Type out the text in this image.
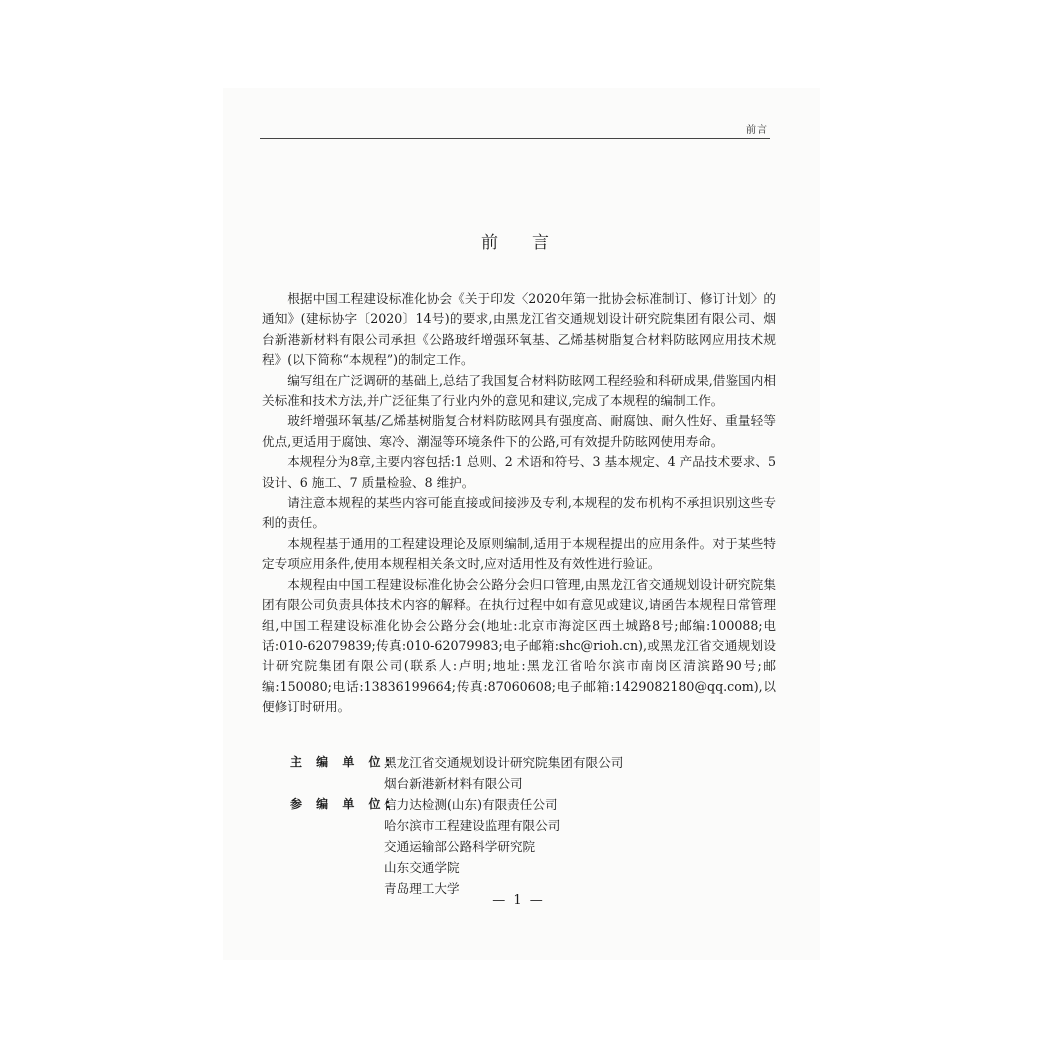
前言
前言

根据中国工程建设标准化协会《关于印发〈2020年第一批协会标准制订、修订计划〉的通知》(建标协字〔2020〕14号)的要求,由黑龙江省交通规划设计研究院集团有限公司、烟台新港新材料有限公司承担《公路玻纤增强环氧基、乙烯基树脂复合材料防眩网应用技术规程》(以下简称“本规程”)的制定工作。

编写组在广泛调研的基础上,总结了我国复合材料防眩网工程经验和科研成果,借鉴国内相关标准和技术方法,并广泛征集了行业内外的意见和建议,完成了本规程的编制工作。

玻纤增强环氧基/乙烯基树脂复合材料防眩网具有强度高、耐腐蚀、耐久性好、重量轻等优点,更适用于腐蚀、寒冷、潮湿等环境条件下的公路,可有效提升防眩网使用寿命。

本规程分为8章,主要内容包括:1 总则、2 术语和符号、3 基本规定、4 产品技术要求、5 设计、6 施工、7 质量检验、8 维护。

请注意本规程的某些内容可能直接或间接涉及专利,本规程的发布机构不承担识别这些专利的责任。

本规程基于通用的工程建设理论及原则编制,适用于本规程提出的应用条件。对于某些特定专项应用条件,使用本规程相关条文时,应对适用性及有效性进行验证。

本规程由中国工程建设标准化协会公路分会归口管理,由黑龙江省交通规划设计研究院集团有限公司负责具体技术内容的解释。在执行过程中如有意见或建议,请函告本规程日常管理组,中国工程建设标准化协会公路分会(地址:北京市海淀区西土城路8号;邮编:100088;电话:010-62079839;传真:010-62079983;电子邮箱:shc@rioh.cn),或黑龙江省交通规划设计研究院集团有限公司(联系人:卢明;地址:黑龙江省哈尔滨市南岗区清滨路90号;邮编:150080;电话:13836199664;传真:87060608;电子邮箱:1429082180@qq.com),以便修订时研用。

主 编 单 位:
黑龙江省交通规划设计研究院集团有限公司
烟台新港新材料有限公司
参 编 单 位:
信力达检测(山东)有限责任公司
哈尔滨市工程建设监理有限公司
交通运输部公路科学研究院
山东交通学院
青岛理工大学
— 1 —
